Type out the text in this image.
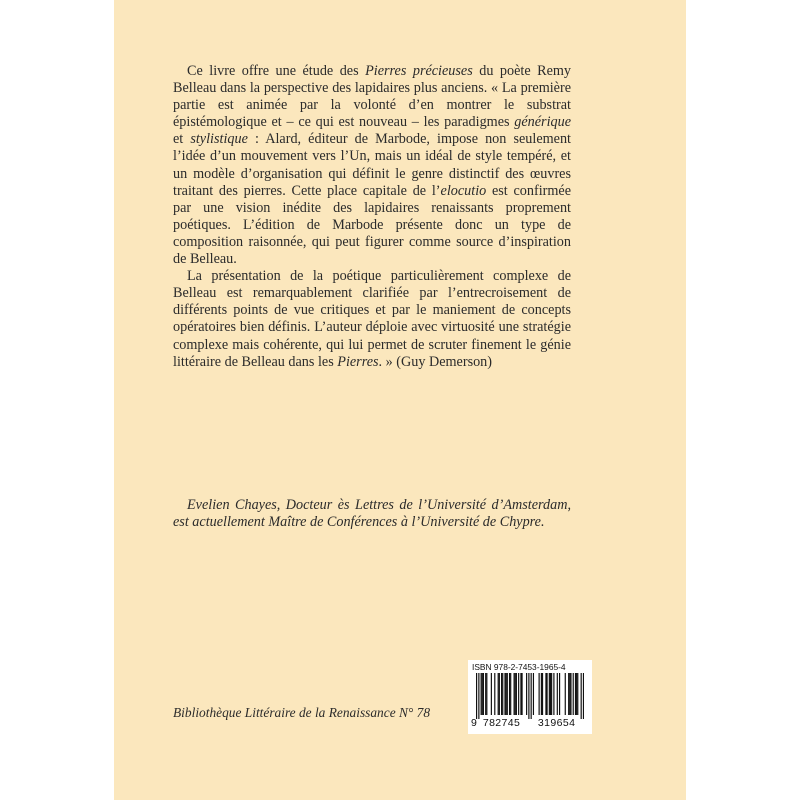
Ce livre offre une étude des Pierres précieuses du poète Remy Belleau dans la perspective des lapidaires plus anciens. « La première partie est animée par la volonté d’en montrer le substrat épistémologique et – ce qui est nouveau – les paradigmes générique et stylistique : Alard, éditeur de Marbode, impose non seulement l’idée d’un mouvement vers l’Un, mais un idéal de style tempéré, et un modèle d’organisation qui définit le genre distinctif des œuvres traitant des pierres. Cette place capitale de l’elocutio est confirmée par une vision inédite des lapidaires renaissants proprement poétiques. L’édition de Marbode présente donc un type de composition raisonnée, qui peut figurer comme source d’inspiration de Belleau.

La présentation de la poétique particulièrement complexe de Belleau est remarquablement clarifiée par l’entrecroisement de différents points de vue critiques et par le maniement de concepts opératoires bien définis. L’auteur déploie avec virtuosité une stratégie complexe mais cohérente, qui lui permet de scruter finement le génie littéraire de Belleau dans les Pierres. » (Guy Demerson)

Evelien Chayes, Docteur ès Lettres de l’Université d’Amsterdam, est actuellement Maître de Conférences à l’Université de Chypre.

Bibliothèque Littéraire de la Renaissance N° 78
ISBN 978-2-7453-1965-4
9 782745	319654
